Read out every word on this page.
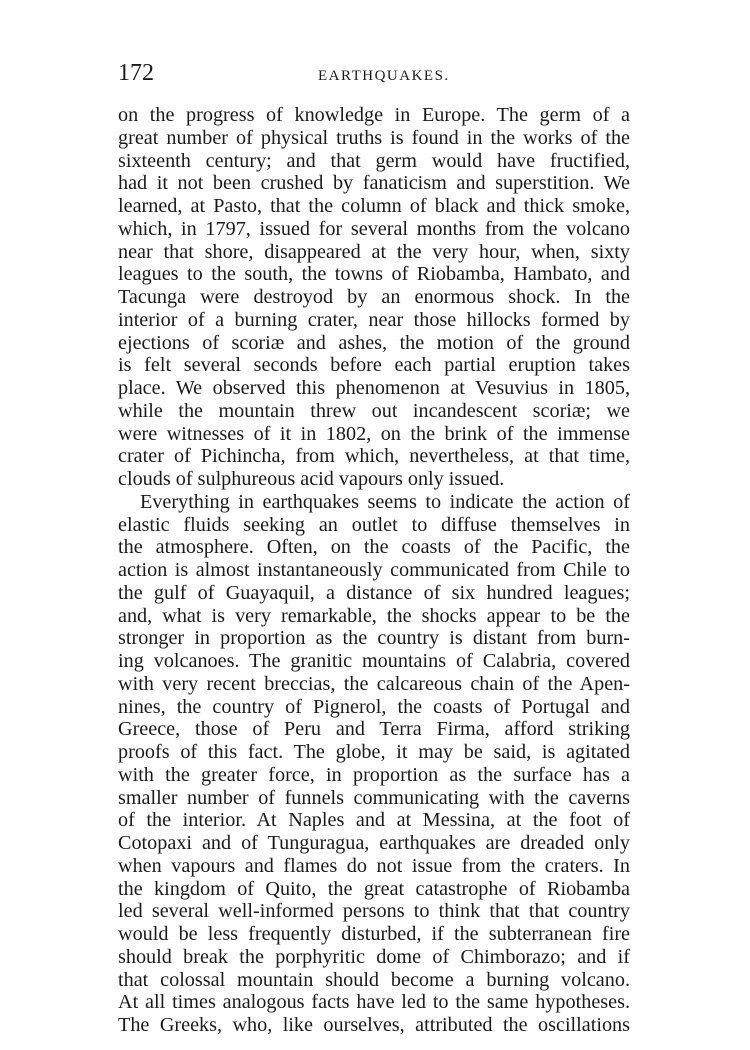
172	EARTHQUAKES.
on the progress of knowledge in Europe. The germ of a
great number of physical truths is found in the works of the
sixteenth century; and that germ would have fructified,
had it not been crushed by fanaticism and superstition. We
learned, at Pasto, that the column of black and thick smoke,
which, in 1797, issued for several months from the volcano
near that shore, disappeared at the very hour, when, sixty
leagues to the south, the towns of Riobamba, Hambato, and
Tacunga were destroyod by an enormous shock. In the
interior of a burning crater, near those hillocks formed by
ejections of scoriæ and ashes, the motion of the ground
is felt several seconds before each partial eruption takes
place. We observed this phenomenon at Vesuvius in 1805,
while the mountain threw out incandescent scoriæ; we
were witnesses of it in 1802, on the brink of the immense
crater of Pichincha, from which, nevertheless, at that time,
clouds of sulphureous acid vapours only issued.
Everything in earthquakes seems to indicate the action of
elastic fluids seeking an outlet to diffuse themselves in
the atmosphere. Often, on the coasts of the Pacific, the
action is almost instantaneously communicated from Chile to
the gulf of Guayaquil, a distance of six hundred leagues;
and, what is very remarkable, the shocks appear to be the
stronger in proportion as the country is distant from burn-
ing volcanoes. The granitic mountains of Calabria, covered
with very recent breccias, the calcareous chain of the Apen-
nines, the country of Pignerol, the coasts of Portugal and
Greece, those of Peru and Terra Firma, afford striking
proofs of this fact. The globe, it may be said, is agitated
with the greater force, in proportion as the surface has a
smaller number of funnels communicating with the caverns
of the interior. At Naples and at Messina, at the foot of
Cotopaxi and of Tunguragua, earthquakes are dreaded only
when vapours and flames do not issue from the craters. In
the kingdom of Quito, the great catastrophe of Riobamba
led several well-informed persons to think that that country
would be less frequently disturbed, if the subterranean fire
should break the porphyritic dome of Chimborazo; and if
that colossal mountain should become a burning volcano.
At all times analogous facts have led to the same hypotheses.
The Greeks, who, like ourselves, attributed the oscillations
